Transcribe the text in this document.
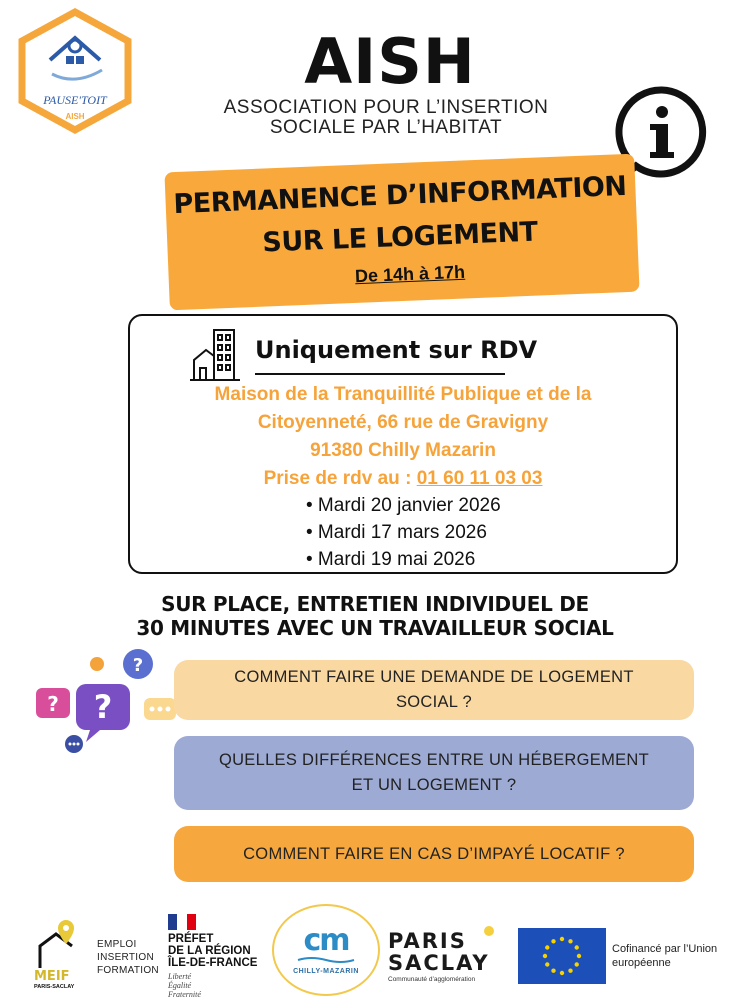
PAUSE'TOIT
AISH
AISH
ASSOCIATION POUR L’INSERTION
SOCIALE PAR L’HABITAT
PERMANENCE D’INFORMATION
SUR LE LOGEMENT
De 14h à 17h
Uniquement sur RDV
Maison de la Tranquillité Publique et de la
Citoyenneté, 66 rue de Gravigny
91380 Chilly Mazarin
Prise de rdv au : 01 60 11 03 03
• Mardi 20 janvier 2026
• Mardi 17 mars 2026
• Mardi 19 mai 2026
SUR PLACE, ENTRETIEN INDIVIDUEL DE
30 MINUTES AVEC UN TRAVAILLEUR SOCIAL
? ?
?
COMMENT FAIRE UNE DEMANDE DE LOGEMENT
SOCIAL ?
QUELLES DIFFÉRENCES ENTRE UN HÉBERGEMENT
ET UN LOGEMENT ?
COMMENT FAIRE EN CAS D’IMPAYÉ LOCATIF ?
MEIF
PARIS-SACLAY
EMPLOI
INSERTION
FORMATION
PRÉFET
DE LA RÉGION
ÎLE-DE-FRANCE
Liberté
Égalité
Fraternité
cm
CHILLY-MAZARIN
PARIS
SACLAY
Communauté d’agglomération
Cofinancé par l’Union
européenne
